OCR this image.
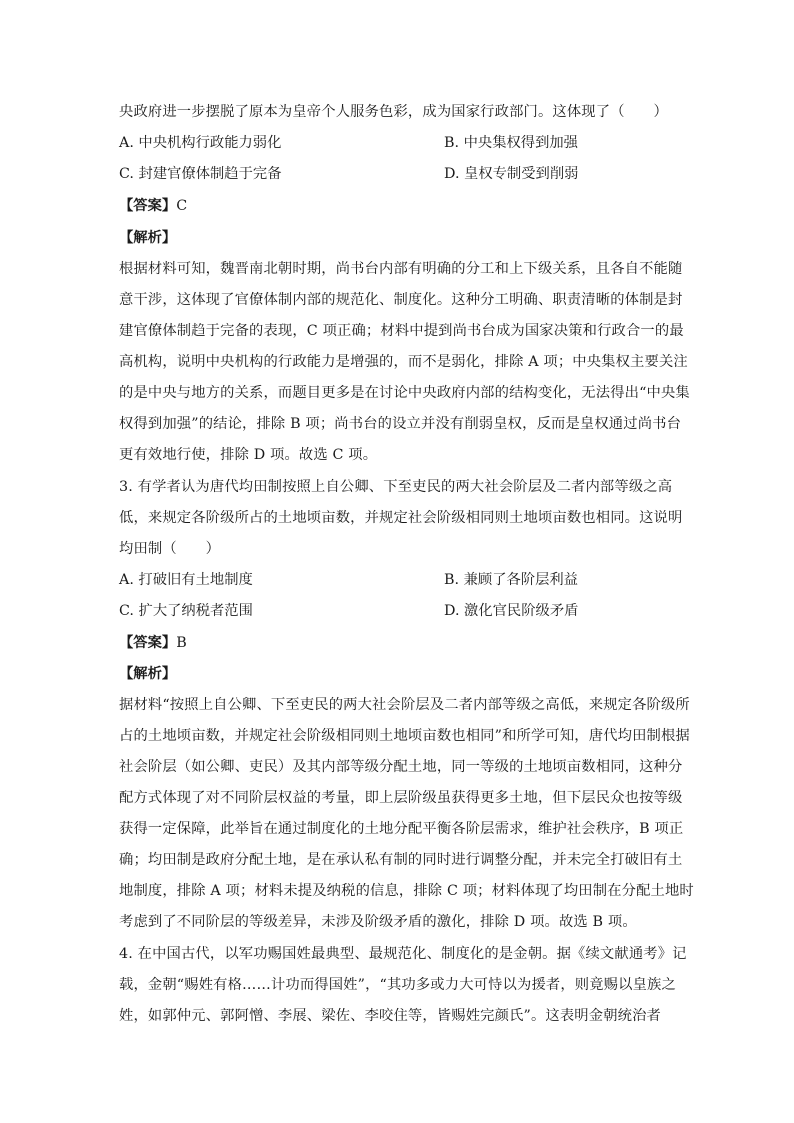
央政府进一步摆脱了原本为皇帝个人服务色彩，成为国家行政部门。这体现了（　　）
A. 中央机构行政能力弱化	B. 中央集权得到加强
C. 封建官僚体制趋于完备	D. 皇权专制受到削弱
【答案】C
【解析】
根据材料可知，魏晋南北朝时期，尚书台内部有明确的分工和上下级关系，且各自不能随
意干涉，这体现了官僚体制内部的规范化、制度化。这种分工明确、职责清晰的体制是封
建官僚体制趋于完备的表现，C 项正确；材料中提到尚书台成为国家决策和行政合一的最
高机构，说明中央机构的行政能力是增强的，而不是弱化，排除 A 项；中央集权主要关注
的是中央与地方的关系，而题目更多是在讨论中央政府内部的结构变化，无法得出“中央集
权得到加强”的结论，排除 B 项；尚书台的设立并没有削弱皇权，反而是皇权通过尚书台
更有效地行使，排除 D 项。故选 C 项。
3. 有学者认为唐代均田制按照上自公卿、下至吏民的两大社会阶层及二者内部等级之高
低，来规定各阶级所占的土地顷亩数，并规定社会阶级相同则土地顷亩数也相同。这说明
均田制（　　）
A. 打破旧有土地制度	B. 兼顾了各阶层利益
C. 扩大了纳税者范围	D. 激化官民阶级矛盾
【答案】B
【解析】
据材料“按照上自公卿、下至吏民的两大社会阶层及二者内部等级之高低，来规定各阶级所
占的土地顷亩数，并规定社会阶级相同则土地顷亩数也相同”和所学可知，唐代均田制根据
社会阶层（如公卿、吏民）及其内部等级分配土地，同一等级的土地顷亩数相同，这种分
配方式体现了对不同阶层权益的考量，即上层阶级虽获得更多土地，但下层民众也按等级
获得一定保障，此举旨在通过制度化的土地分配平衡各阶层需求，维护社会秩序，B 项正
确；均田制是政府分配土地，是在承认私有制的同时进行调整分配，并未完全打破旧有土
地制度，排除 A 项；材料未提及纳税的信息，排除 C 项；材料体现了均田制在分配土地时
考虑到了不同阶层的等级差异，未涉及阶级矛盾的激化，排除 D 项。故选 B 项。
4. 在中国古代，以军功赐国姓最典型、最规范化、制度化的是金朝。据《续文献通考》记
载，金朝“赐姓有格……计功而得国姓”，“其功多或力大可恃以为援者，则竟赐以皇族之
姓，如郭仲元、郭阿憎、李展、梁佐、李咬住等，皆赐姓完颜氏”。这表明金朝统治者
